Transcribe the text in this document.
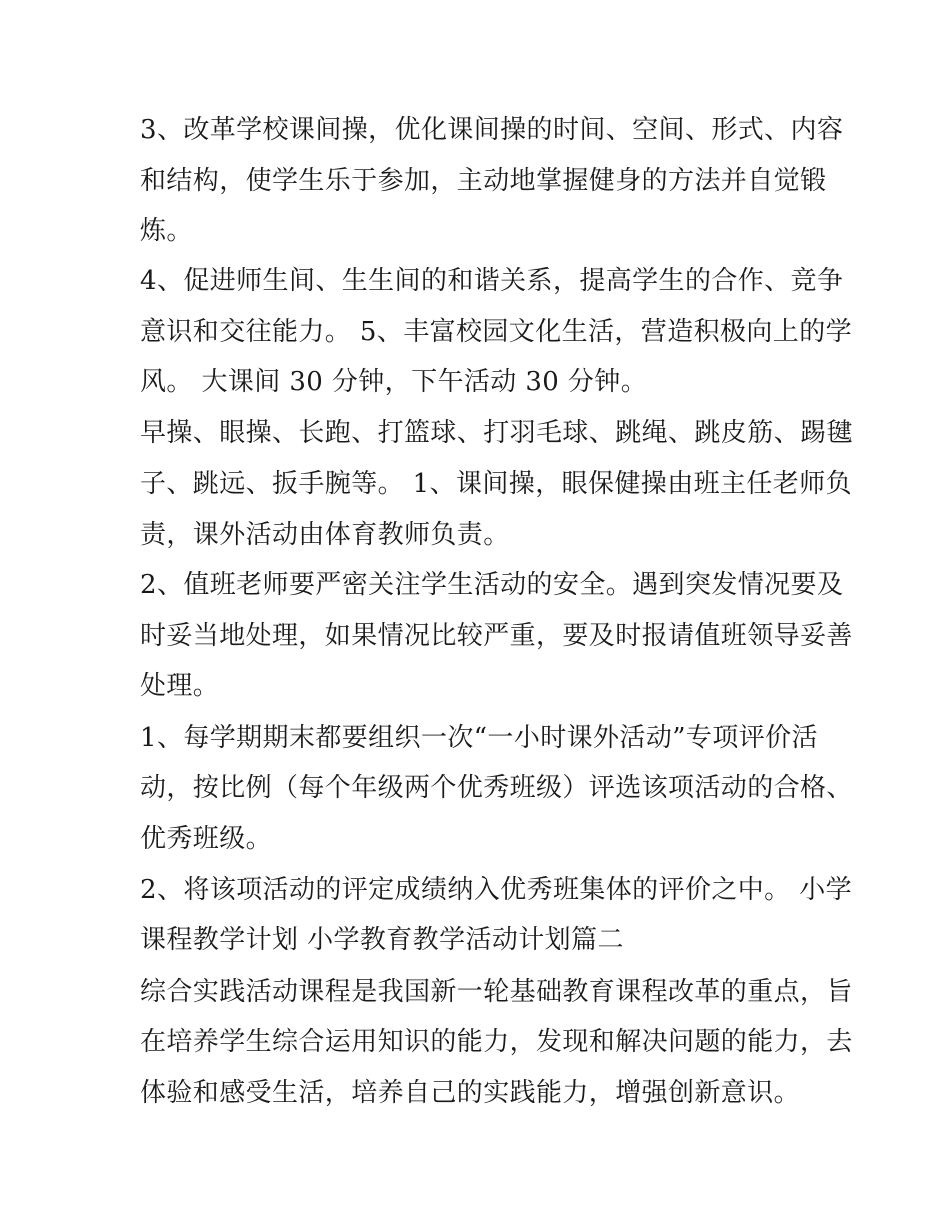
3、改革学校课间操，优化课间操的时间、空间、形式、内容
和结构，使学生乐于参加，主动地掌握健身的方法并自觉锻
炼。
4、促进师生间、生生间的和谐关系，提高学生的合作、竞争
意识和交往能力。 5、丰富校园文化生活，营造积极向上的学
风。 大课间 30 分钟，下午活动 30 分钟。
早操、眼操、长跑、打篮球、打羽毛球、跳绳、跳皮筋、踢毽
子、跳远、扳手腕等。 1、课间操，眼保健操由班主任老师负
责，课外活动由体育教师负责。
2、值班老师要严密关注学生活动的安全。遇到突发情况要及
时妥当地处理，如果情况比较严重，要及时报请值班领导妥善
处理。
1、每学期期末都要组织一次“一小时课外活动”专项评价活
动，按比例（每个年级两个优秀班级）评选该项活动的合格、
优秀班级。
2、将该项活动的评定成绩纳入优秀班集体的评价之中。 小学
课程教学计划 小学教育教学活动计划篇二
综合实践活动课程是我国新一轮基础教育课程改革的重点，旨
在培养学生综合运用知识的能力，发现和解决问题的能力，去
体验和感受生活，培养自己的实践能力，增强创新意识。
